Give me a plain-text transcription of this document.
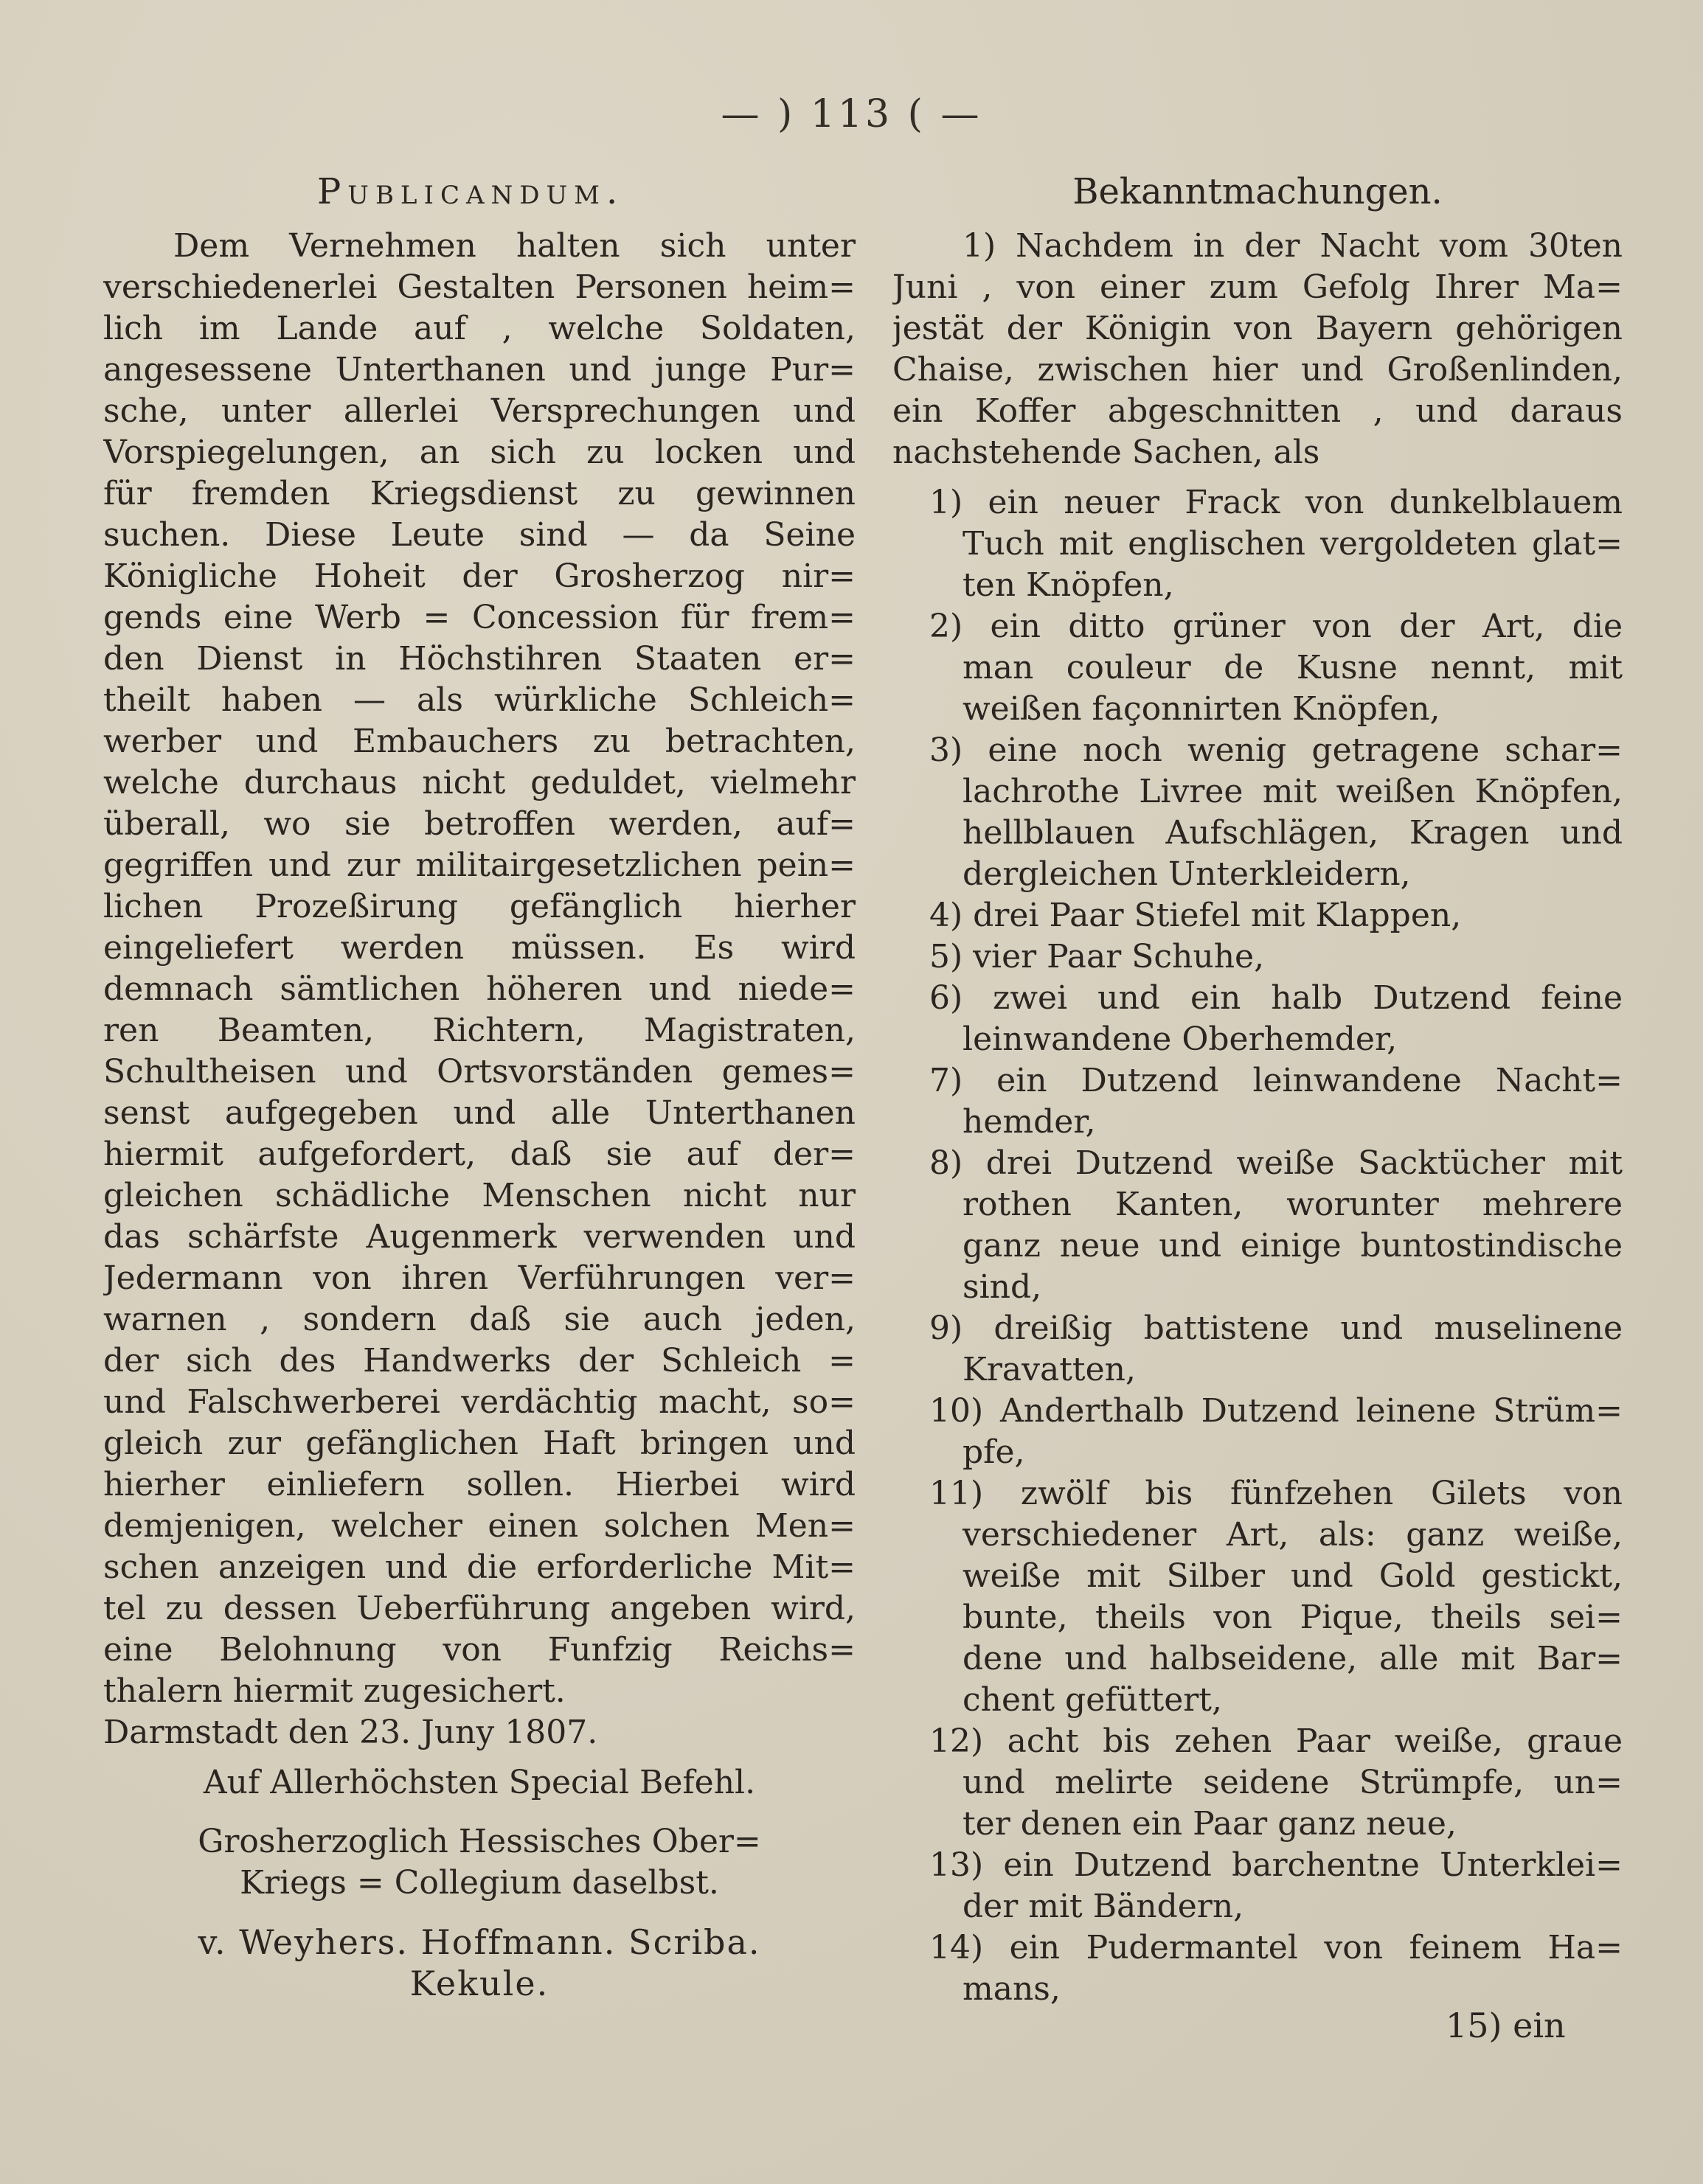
— ) 113 ( —
Publicandum.
Dem Vernehmen halten sich unter
verschiedenerlei Gestalten Personen heim=
lich im Lande auf , welche Soldaten,
angesessene Unterthanen und junge Pur=
sche, unter allerlei Versprechungen und
Vorspiegelungen, an sich zu locken und
für fremden Kriegsdienst zu gewinnen
suchen. Diese Leute sind — da Seine
Königliche Hoheit der Grosherzog nir=
gends eine Werb = Concession für frem=
den Dienst in Höchstihren Staaten er=
theilt haben — als würkliche Schleich=
werber und Embauchers zu betrachten,
welche durchaus nicht geduldet, vielmehr
überall, wo sie betroffen werden, auf=
gegriffen und zur militairgesetzlichen pein=
lichen Prozeßirung gefänglich hierher
eingeliefert werden müssen. Es wird
demnach sämtlichen höheren und niede=
ren Beamten, Richtern, Magistraten,
Schultheisen und Ortsvorständen gemes=
senst aufgegeben und alle Unterthanen
hiermit aufgefordert, daß sie auf der=
gleichen schädliche Menschen nicht nur
das schärfste Augenmerk verwenden und
Jedermann von ihren Verführungen ver=
warnen , sondern daß sie auch jeden,
der sich des Handwerks der Schleich =
und Falschwerberei verdächtig macht, so=
gleich zur gefänglichen Haft bringen und
hierher einliefern sollen. Hierbei wird
demjenigen, welcher einen solchen Men=
schen anzeigen und die erforderliche Mit=
tel zu dessen Ueberführung angeben wird,
eine Belohnung von Funfzig Reichs=
thalern hiermit zugesichert.
Darmstadt den 23. Juny 1807.
Auf Allerhöchsten Special Befehl.
Grosherzoglich Hessisches Ober=
Kriegs = Collegium daselbst.
v. Weyhers. Hoffmann. Scriba.
Kekule.
Bekanntmachungen.
1) Nachdem in der Nacht vom 30ten
Juni , von einer zum Gefolg Ihrer Ma=
jestät der Königin von Bayern gehörigen
Chaise, zwischen hier und Großenlinden,
ein Koffer abgeschnitten , und daraus
nachstehende Sachen, als
1) ein neuer Frack von dunkelblauem
Tuch mit englischen vergoldeten glat=
ten Knöpfen,
2) ein ditto grüner von der Art, die
man couleur de Kusne nennt, mit
weißen façonnirten Knöpfen,
3) eine noch wenig getragene schar=
lachrothe Livree mit weißen Knöpfen,
hellblauen Aufschlägen, Kragen und
dergleichen Unterkleidern,
4) drei Paar Stiefel mit Klappen,
5) vier Paar Schuhe,
6) zwei und ein halb Dutzend feine
leinwandene Oberhemder,
7) ein Dutzend leinwandene Nacht=
hemder,
8) drei Dutzend weiße Sacktücher mit
rothen Kanten, worunter mehrere
ganz neue und einige buntostindische
sind,
9) dreißig battistene und muselinene
Kravatten,
10) Anderthalb Dutzend leinene Strüm=
pfe,
11) zwölf bis fünfzehen Gilets von
verschiedener Art, als: ganz weiße,
weiße mit Silber und Gold gestickt,
bunte, theils von Pique, theils sei=
dene und halbseidene, alle mit Bar=
chent gefüttert,
12) acht bis zehen Paar weiße, graue
und melirte seidene Strümpfe, un=
ter denen ein Paar ganz neue,
13) ein Dutzend barchentne Unterklei=
der mit Bändern,
14) ein Pudermantel von feinem Ha=
mans,
15) ein
